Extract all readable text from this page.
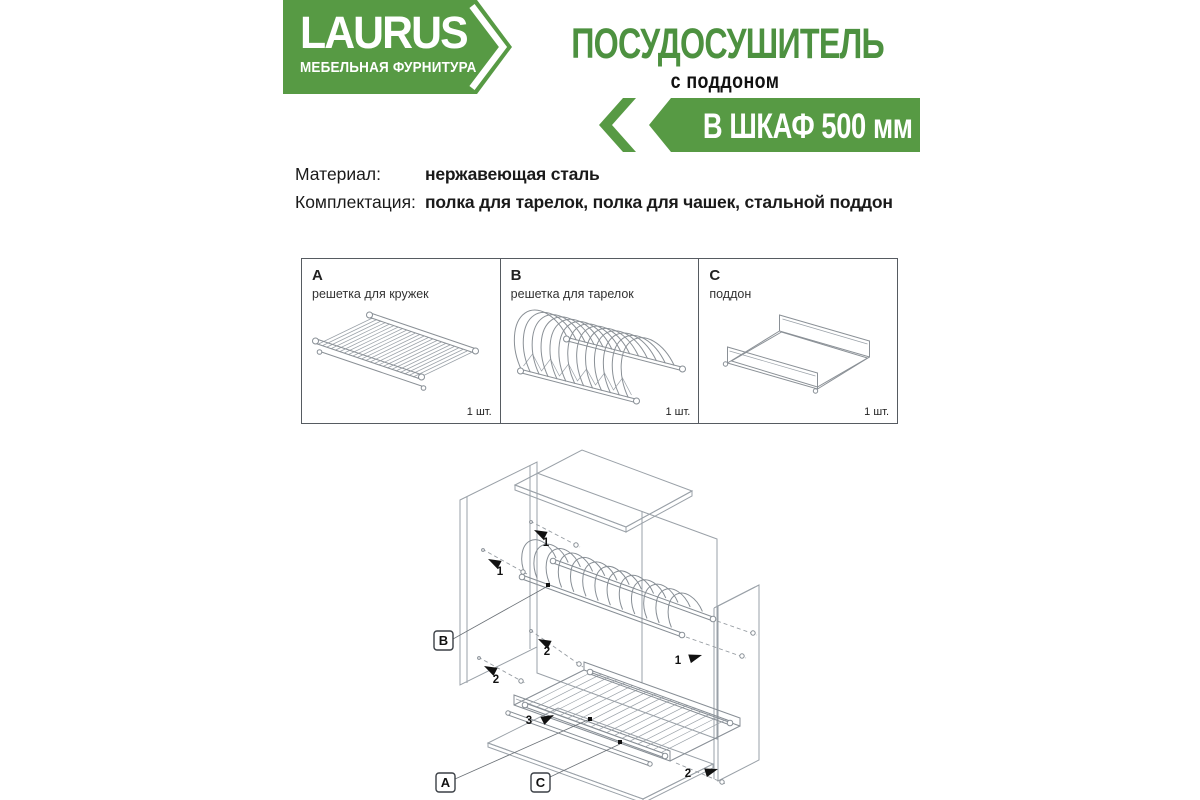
LAURUS
МЕБЕЛЬНАЯ ФУРНИТУРА ПОСУДОСУШИТЕЛЬ
с поддоном
В ШКАФ 500 мм
Материал:	нержавеющая сталь
Комплектация: полка для тарелок, полка для чашек, стальной поддон
A
решетка для кружек
1 шт.
B
решетка для тарелок
1 шт.
C
поддон
1 шт.
1
1
1
2
2
2
3
B
A	C
